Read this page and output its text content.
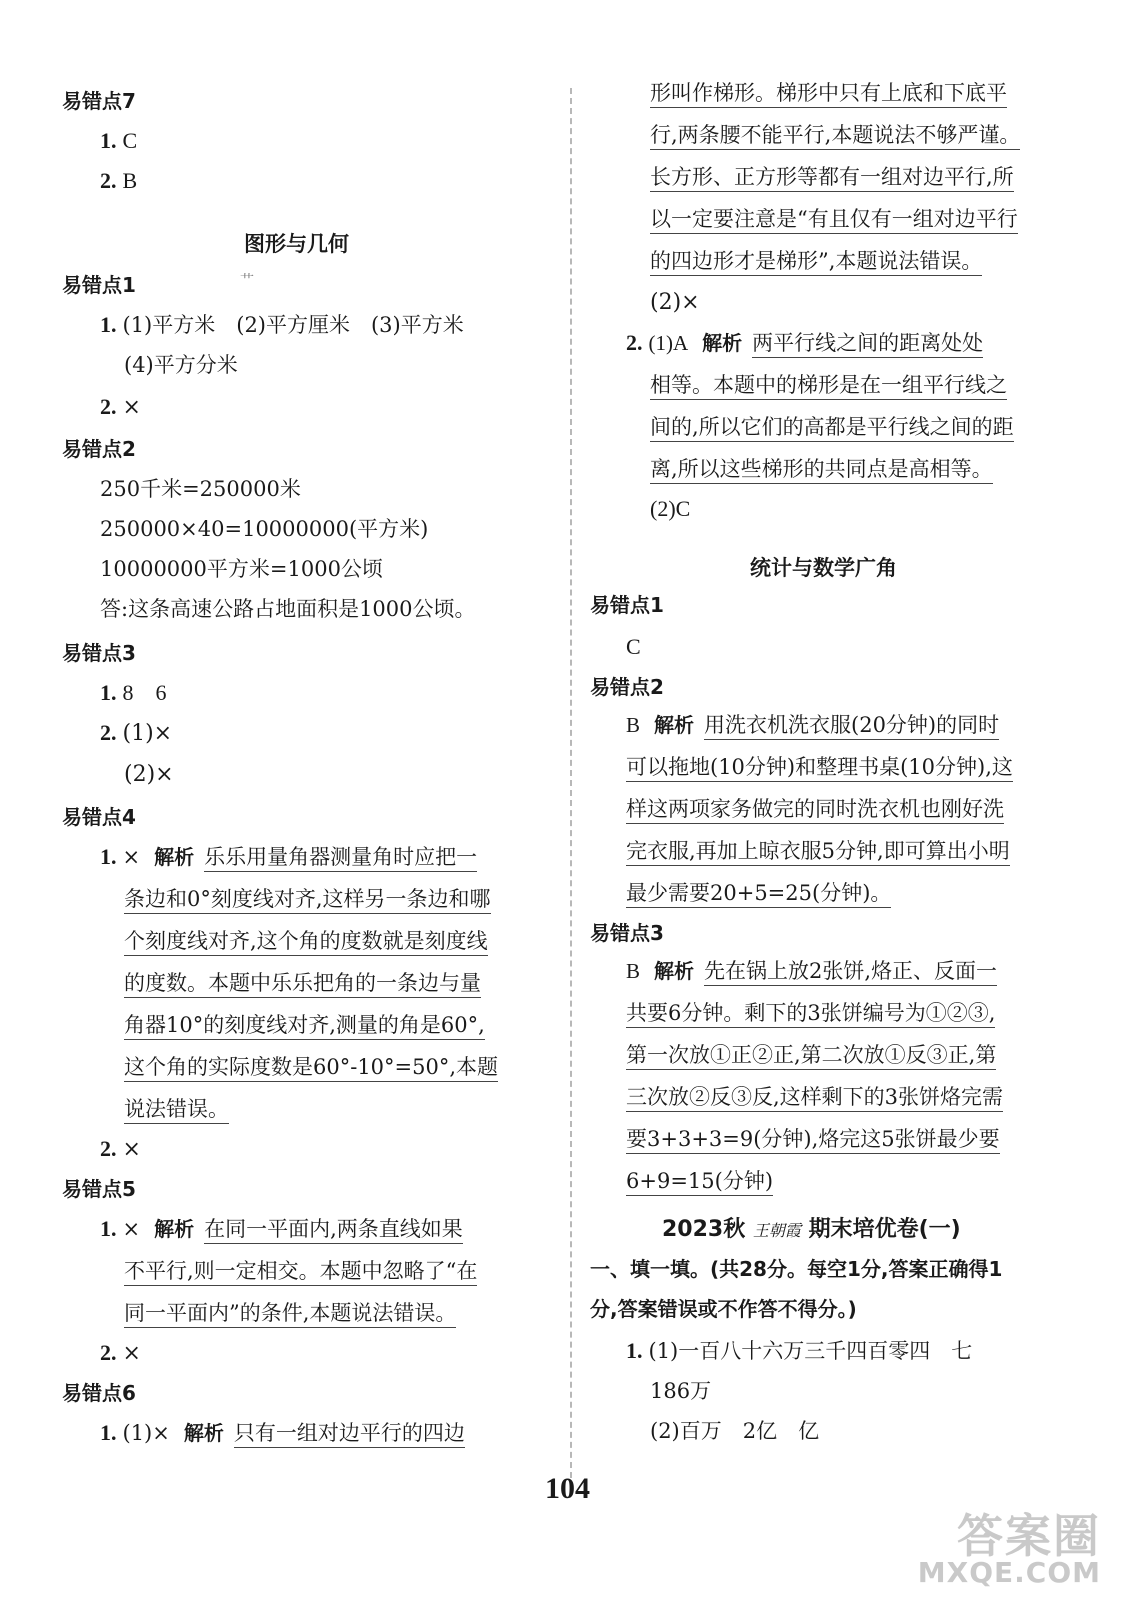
艹
易错点7
1. C
2. B
图形与几何
易错点1
1. (1)平方米　(2)平方厘米　(3)平方米
(4)平方分米
2. ×
易错点2
250千米=250000米
250000×40=10000000(平方米)
10000000平方米=1000公顷
答:这条高速公路占地面积是1000公顷。
易错点3
1. 8　6
2. (1)×
(2)×
易错点4
1. × 解析 乐乐用量角器测量角时应把一
条边和0°刻度线对齐,这样另一条边和哪
个刻度线对齐,这个角的度数就是刻度线
的度数。本题中乐乐把角的一条边与量
角器10°的刻度线对齐,测量的角是60°,
这个角的实际度数是60°-10°=50°,本题
说法错误。
2. ×
易错点5
1. × 解析 在同一平面内,两条直线如果
不平行,则一定相交。本题中忽略了“在
同一平面内”的条件,本题说法错误。
2. ×
易错点6
1. (1)× 解析 只有一组对边平行的四边
形叫作梯形。梯形中只有上底和下底平
行,两条腰不能平行,本题说法不够严谨。
长方形、正方形等都有一组对边平行,所
以一定要注意是“有且仅有一组对边平行
的四边形才是梯形”,本题说法错误。
(2)×
2. (1)A 解析 两平行线之间的距离处处
相等。本题中的梯形是在一组平行线之
间的,所以它们的高都是平行线之间的距
离,所以这些梯形的共同点是高相等。
(2)C
统计与数学广角
易错点1
C
易错点2
B 解析 用洗衣机洗衣服(20分钟)的同时
可以拖地(10分钟)和整理书桌(10分钟),这
样这两项家务做完的同时洗衣机也刚好洗
完衣服,再加上晾衣服5分钟,即可算出小明
最少需要20+5=25(分钟)。
易错点3
B 解析 先在锅上放2张饼,烙正、反面一
共要6分钟。剩下的3张饼编号为①②③,
第一次放①正②正,第二次放①反③正,第
三次放②反③反,这样剩下的3张饼烙完需
要3+3+3=9(分钟),烙完这5张饼最少要
6+9=15(分钟)
2023秋 王朝霞 期末培优卷(一)
一、填一填。(共28分。每空1分,答案正确得1
分,答案错误或不作答不得分。)
1. (1)一百八十六万三千四百零四　七
186万
(2)百万　2亿　亿
104
答案圈
MXQE.COM
